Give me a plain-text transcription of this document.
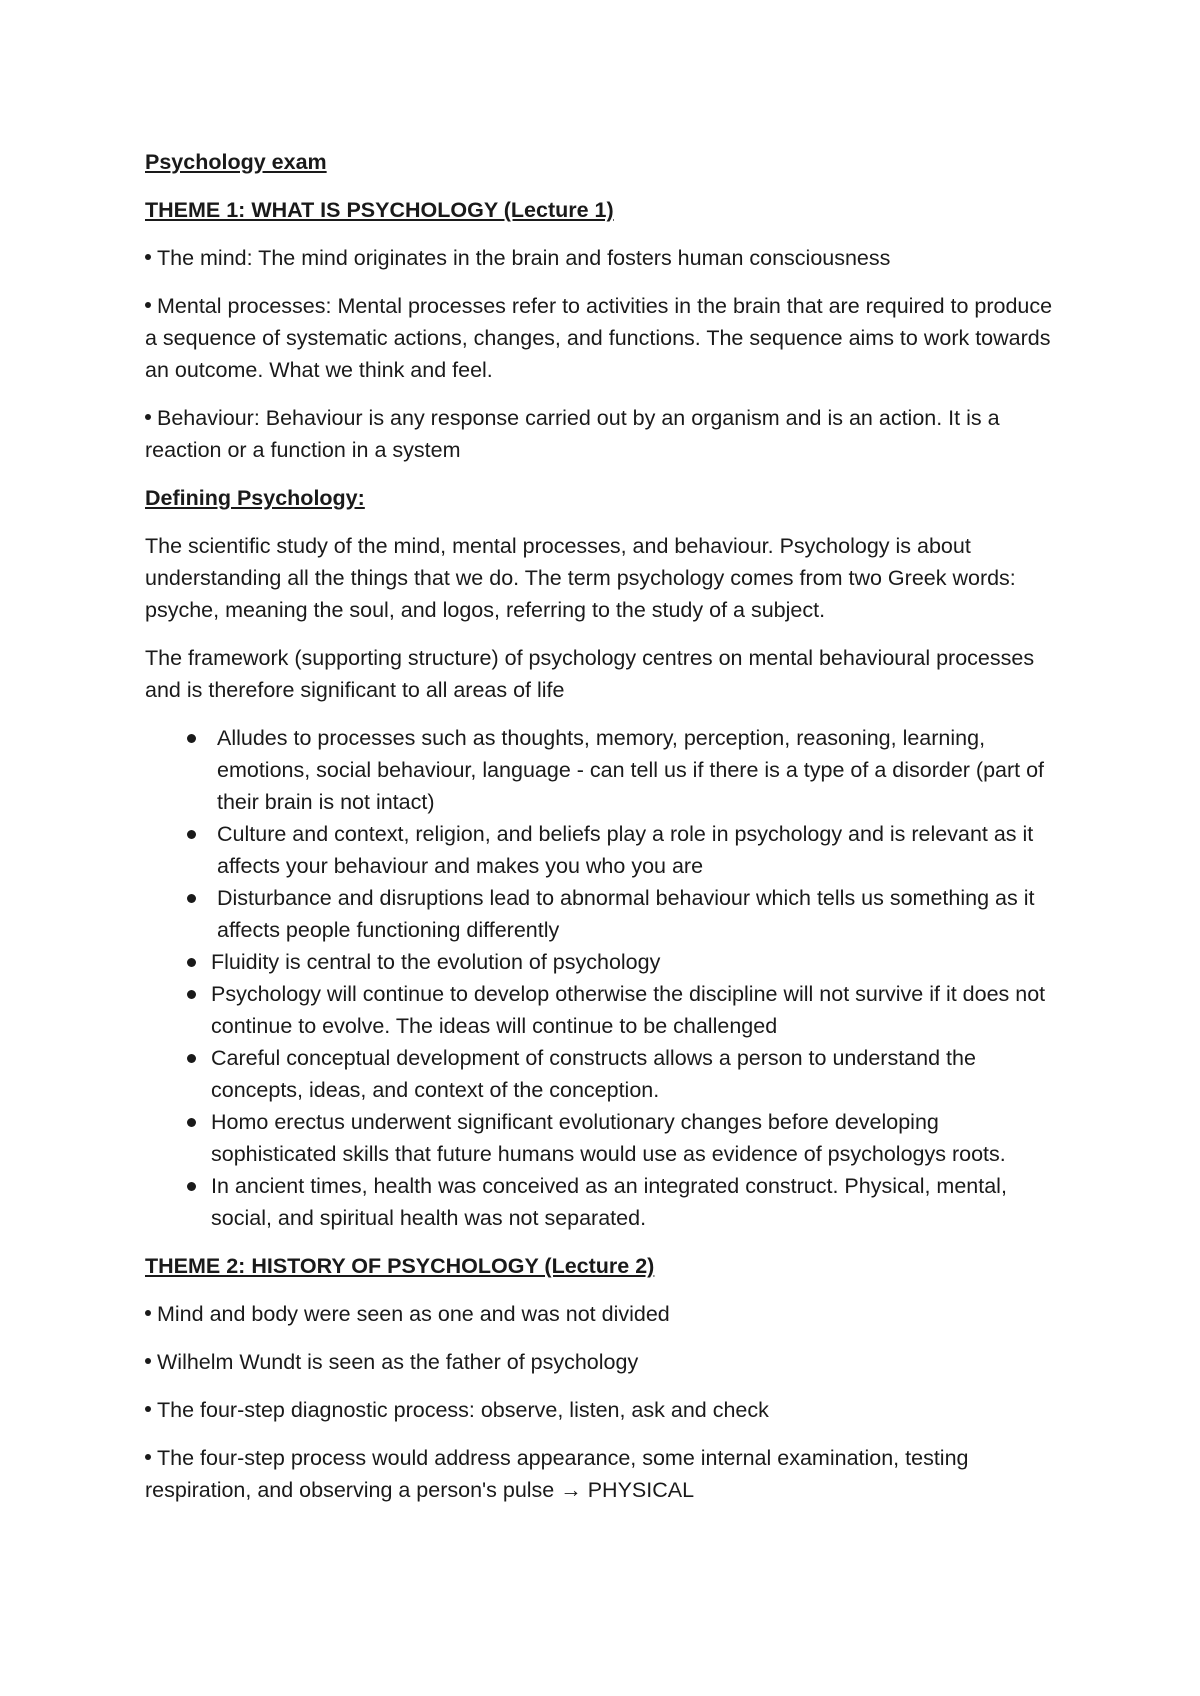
Psychology exam

THEME 1: WHAT IS PSYCHOLOGY (Lecture 1)

The mind: The mind originates in the brain and fosters human consciousness

Mental processes: Mental processes refer to activities in the brain that are required to produce a sequence of systematic actions, changes, and functions. The sequence aims to work towards an outcome. What we think and feel.

Behaviour: Behaviour is any response carried out by an organism and is an action. It is a reaction or a function in a system

Defining Psychology:

The scientific study of the mind, mental processes, and behaviour. Psychology is about understanding all the things that we do. The term psychology comes from two Greek words: psyche, meaning the soul, and logos, referring to the study of a subject.

The framework (supporting structure) of psychology centres on mental behavioural processes and is therefore significant to all areas of life

Alludes to processes such as thoughts, memory, perception, reasoning, learning, emotions, social behaviour, language - can tell us if there is a type of a disorder (part of their brain is not intact)
Culture and context, religion, and beliefs play a role in psychology and is relevant as it affects your behaviour and makes you who you are
Disturbance and disruptions lead to abnormal behaviour which tells us something as it affects people functioning differently
Fluidity is central to the evolution of psychology
Psychology will continue to develop otherwise the discipline will not survive if it does not continue to evolve. The ideas will continue to be challenged
Careful conceptual development of constructs allows a person to understand the concepts, ideas, and context of the conception.
Homo erectus underwent significant evolutionary changes before developing sophisticated skills that future humans would use as evidence of psychologys roots.
In ancient times, health was conceived as an integrated construct. Physical, mental, social, and spiritual health was not separated.

THEME 2: HISTORY OF PSYCHOLOGY (Lecture 2)

Mind and body were seen as one and was not divided

Wilhelm Wundt is seen as the father of psychology

The four-step diagnostic process: observe, listen, ask and check

The four-step process would address appearance, some internal examination, testing respiration, and observing a person's pulse → PHYSICAL
